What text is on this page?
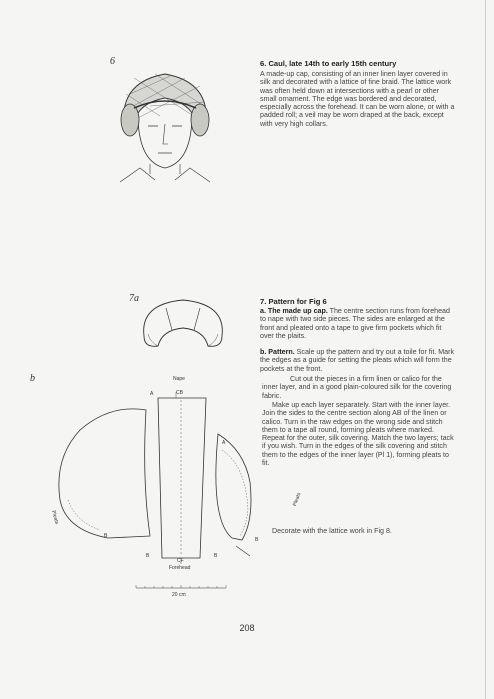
6	6. Caul, late 14th to early 15th century

A made-up cap, consisting of an inner linen layer covered in silk and decorated with a lattice of fine braid. The lattice work was often held down at intersections with a pearl or other small ornament. The edge was bordered and decorated, especially across the forehead. It can be worn alone, or with a padded roll; a veil may be worn draped at the back, except with very high collars.

7a
b

7. Pattern for Fig 6

a. The made up cap. The centre section runs from forehead to nape with two side pieces. The sides are enlarged at the front and pleated onto a tape to give firm pockets which fit over the plaits.

b. Pattern. Scale up the pattern and try out a toile for fit. Mark the edges as a guide for setting the pleats which will form the pockets at the front.

Cut out the pieces in a firm linen or calico for the inner layer, and in a good plain-coloured silk for the covering fabric.

Make up each layer separately. Start with the inner layer. Join the sides to the centre section along AB of the linen or calico. Turn in the raw edges on the wrong side and stitch them to a tape all round, forming pleats where marked. Repeat for the outer, silk covering. Match the two layers; tack if you wish. Turn in the edges of the silk covering and stitch them to the edges of the inner layer (Pl 1), forming pleats to fit.

Decorate with the lattice work in Fig 8.

Nape
CB
A
A
B
B	B
B
CF
Forehead
Pleats
Pleats
20 cm
208
